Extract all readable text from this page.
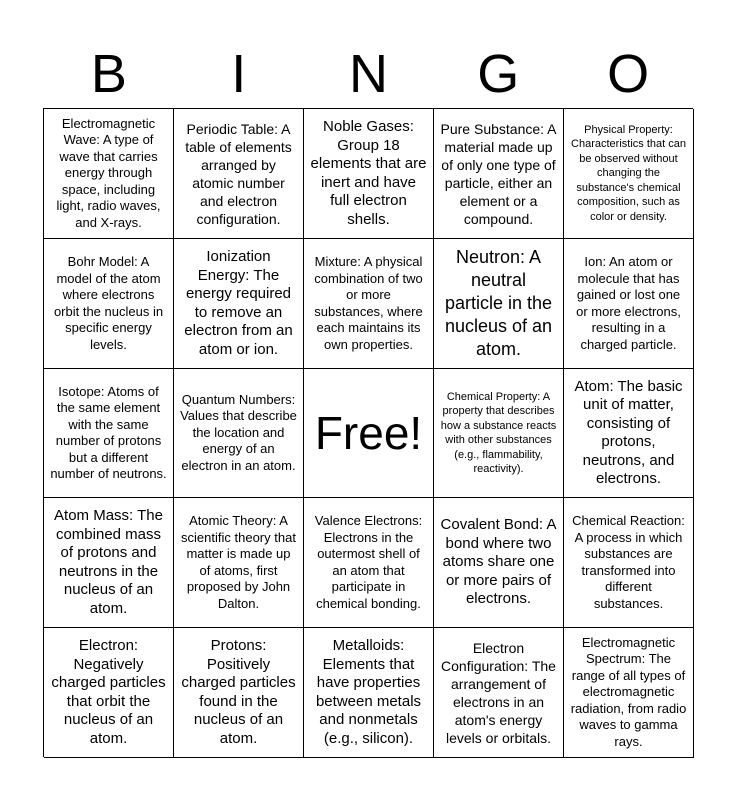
B	I	N	G	O
Electromagnetic Wave: A type of wave that carries energy through space, including light, radio waves, and X-rays.
Periodic Table: A table of elements arranged by atomic number and electron configuration.
Noble Gases: Group 18 elements that are inert and have full electron shells.
Pure Substance: A material made up of only one type of particle, either an element or a compound.
Physical Property: Characteristics that can be observed without changing the substance's chemical composition, such as color or density.
Bohr Model: A model of the atom where electrons orbit the nucleus in specific energy levels.
Ionization Energy: The energy required to remove an electron from an atom or ion.
Mixture: A physical combination of two or more substances, where each maintains its own properties.
Neutron: A neutral particle in the nucleus of an atom.
Ion: An atom or molecule that has gained or lost one or more electrons, resulting in a charged particle.
Isotope: Atoms of the same element with the same number of protons but a different number of neutrons.
Quantum Numbers: Values that describe the location and energy of an electron in an atom.
Free!
Chemical Property: A property that describes how a substance reacts with other substances (e.g., flammability, reactivity).
Atom: The basic unit of matter, consisting of protons, neutrons, and electrons.
Atom Mass: The combined mass of protons and neutrons in the nucleus of an atom.
Atomic Theory: A scientific theory that matter is made up of atoms, first proposed by John Dalton.
Valence Electrons: Electrons in the outermost shell of an atom that participate in chemical bonding.
Covalent Bond: A bond where two atoms share one or more pairs of electrons.
Chemical Reaction: A process in which substances are transformed into different substances.
Electron: Negatively charged particles that orbit the nucleus of an atom.
Protons: Positively charged particles found in the nucleus of an atom.
Metalloids: Elements that have properties between metals and nonmetals (e.g., silicon).
Electron Configuration: The arrangement of electrons in an atom's energy levels or orbitals.
Electromagnetic Spectrum: The range of all types of electromagnetic radiation, from radio waves to gamma rays.
